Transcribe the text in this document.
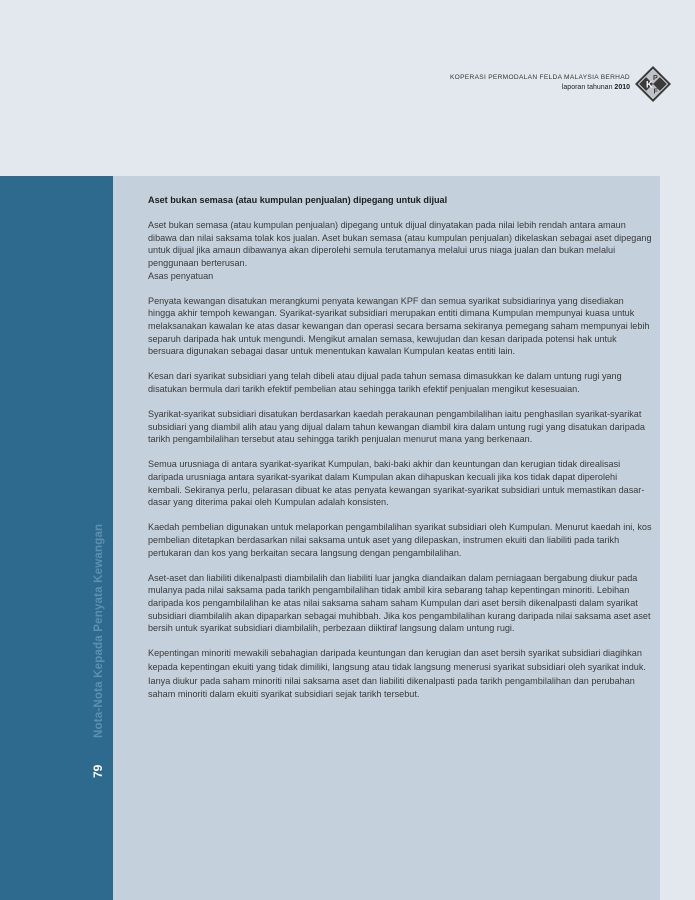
KOPERASI PERMODALAN FELDA MALAYSIA BERHAD
laporan tahunan 2010 K
P
F
Nota-Nota Kepada Penyata Kewangan
79
Aset bukan semasa (atau kumpulan penjualan) dipegang untuk dijual

Aset bukan semasa (atau kumpulan penjualan) dipegang untuk dijual dinyatakan pada nilai lebih rendah antara amaun dibawa dan nilai saksama tolak kos jualan. Aset bukan semasa (atau kumpulan penjualan) dikelaskan sebagai aset dipegang untuk dijual jika amaun dibawanya akan diperolehi semula terutamanya melalui urus niaga jualan dan bukan melalui penggunaan berterusan.

Asas penyatuan

Penyata kewangan disatukan merangkumi penyata kewangan KPF dan semua syarikat subsidiarinya yang disediakan hingga akhir tempoh kewangan. Syarikat-syarikat subsidiari merupakan entiti dimana Kumpulan mempunyai kuasa untuk melaksanakan kawalan ke atas dasar kewangan dan operasi secara bersama sekiranya pemegang saham mempunyai lebih separuh daripada hak untuk mengundi. Mengikut amalan semasa, kewujudan dan kesan daripada potensi hak untuk bersuara digunakan sebagai dasar untuk menentukan kawalan Kumpulan keatas entiti lain.

Kesan dari syarikat subsidiari yang telah dibeli atau dijual pada tahun semasa dimasukkan ke dalam untung rugi yang disatukan bermula dari tarikh efektif pembelian atau sehingga tarikh efektif penjualan mengikut kesesuaian.

Syarikat-syarikat subsidiari disatukan berdasarkan kaedah perakaunan pengambilalihan iaitu penghasilan syarikat-syarikat subsidiari yang diambil alih atau yang dijual dalam tahun kewangan diambil kira dalam untung rugi yang disatukan daripada tarikh pengambilalihan tersebut atau sehingga tarikh penjualan menurut mana yang berkenaan.

Semua urusniaga di antara syarikat-syarikat Kumpulan, baki-baki akhir dan keuntungan dan kerugian tidak direalisasi daripada urusniaga antara syarikat-syarikat dalam Kumpulan akan dihapuskan kecuali jika kos tidak dapat diperolehi kembali. Sekiranya perlu, pelarasan dibuat ke atas penyata kewangan syarikat-syarikat subsidiari untuk memastikan dasar-dasar yang diterima pakai oleh Kumpulan adalah konsisten.

Kaedah pembelian digunakan untuk melaporkan pengambilalihan syarikat subsidiari oleh Kumpulan. Menurut kaedah ini, kos pembelian ditetapkan berdasarkan nilai saksama untuk aset yang dilepaskan, instrumen ekuiti dan liabiliti pada tarikh pertukaran dan kos yang berkaitan secara langsung dengan pengambilalihan.

Aset-aset dan liabiliti dikenalpasti diambilalih dan liabiliti luar jangka diandaikan dalam perniagaan bergabung diukur pada mulanya pada nilai saksama pada tarikh pengambilalihan tidak ambil kira sebarang tahap kepentingan minoriti. Lebihan daripada kos pengambilalihan ke atas nilai saksama saham saham Kumpulan dari aset bersih dikenalpasti dalam syarikat subsidiari diambilalih akan dipaparkan sebagai muhibbah. Jika kos pengambilalihan kurang daripada nilai saksama aset aset bersih untuk syarikat subsidiari diambilalih, perbezaan diiktiraf langsung dalam untung rugi.

Kepentingan minoriti mewakili sebahagian daripada keuntungan dan kerugian dan aset bersih syarikat subsidiari diagihkan kepada kepentingan ekuiti yang tidak dimiliki, langsung atau tidak langsung menerusi syarikat subsidiari oleh syarikat induk. Ianya diukur pada saham minoriti nilai saksama aset dan liabiliti dikenalpasti pada tarikh pengambilalihan dan perubahan saham minoriti dalam ekuiti syarikat subsidiari sejak tarikh tersebut.
